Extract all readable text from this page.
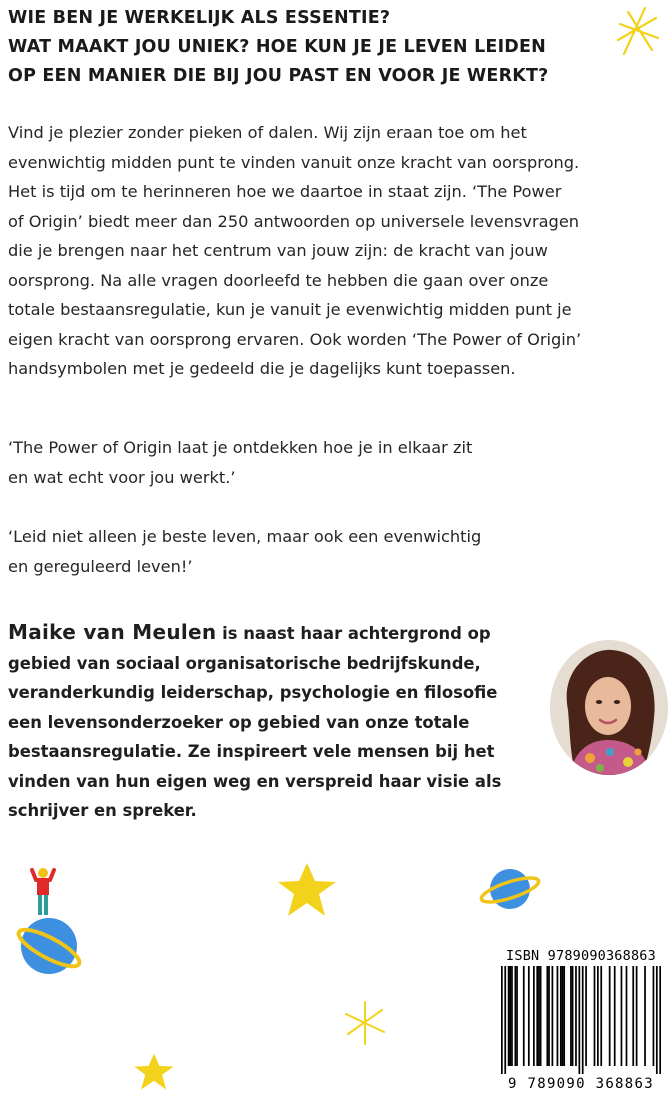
WIE BEN JE WERKELIJK ALS ESSENTIE?
WAT MAAKT JOU UNIEK? HOE KUN JE JE LEVEN LEIDEN
OP EEN MANIER DIE BIJ JOU PAST EN VOOR JE WERKT?
Vind je plezier zonder pieken of dalen. Wij zijn eraan toe om het
evenwichtig midden punt te vinden vanuit onze kracht van oorsprong.
Het is tijd om te herinneren hoe we daartoe in staat zijn. ‘The Power
of Origin’ biedt meer dan 250 antwoorden op universele levensvragen
die je brengen naar het centrum van jouw zijn: de kracht van jouw
oorsprong. Na alle vragen doorleefd te hebben die gaan over onze
totale bestaansregulatie, kun je vanuit je evenwichtig midden punt je
eigen kracht van oorsprong ervaren. Ook worden ‘The Power of Origin’
handsymbolen met je gedeeld die je dagelijks kunt toepassen.
‘The Power of Origin laat je ontdekken hoe je in elkaar zit
en wat echt voor jou werkt.’
‘Leid niet alleen je beste leven, maar ook een evenwichtig
en gereguleerd leven!’
Maike van Meulen is naast haar achtergrond op
gebied van sociaal organisatorische bedrijfskunde,
veranderkundig leiderschap, psychologie en filosofie
een levensonderzoeker op gebied van onze totale
bestaansregulatie. Ze inspireert vele mensen bij het
vinden van hun eigen weg en verspreid haar visie als
schrijver en spreker.
ISBN 9789090368863
9 789090 368863
